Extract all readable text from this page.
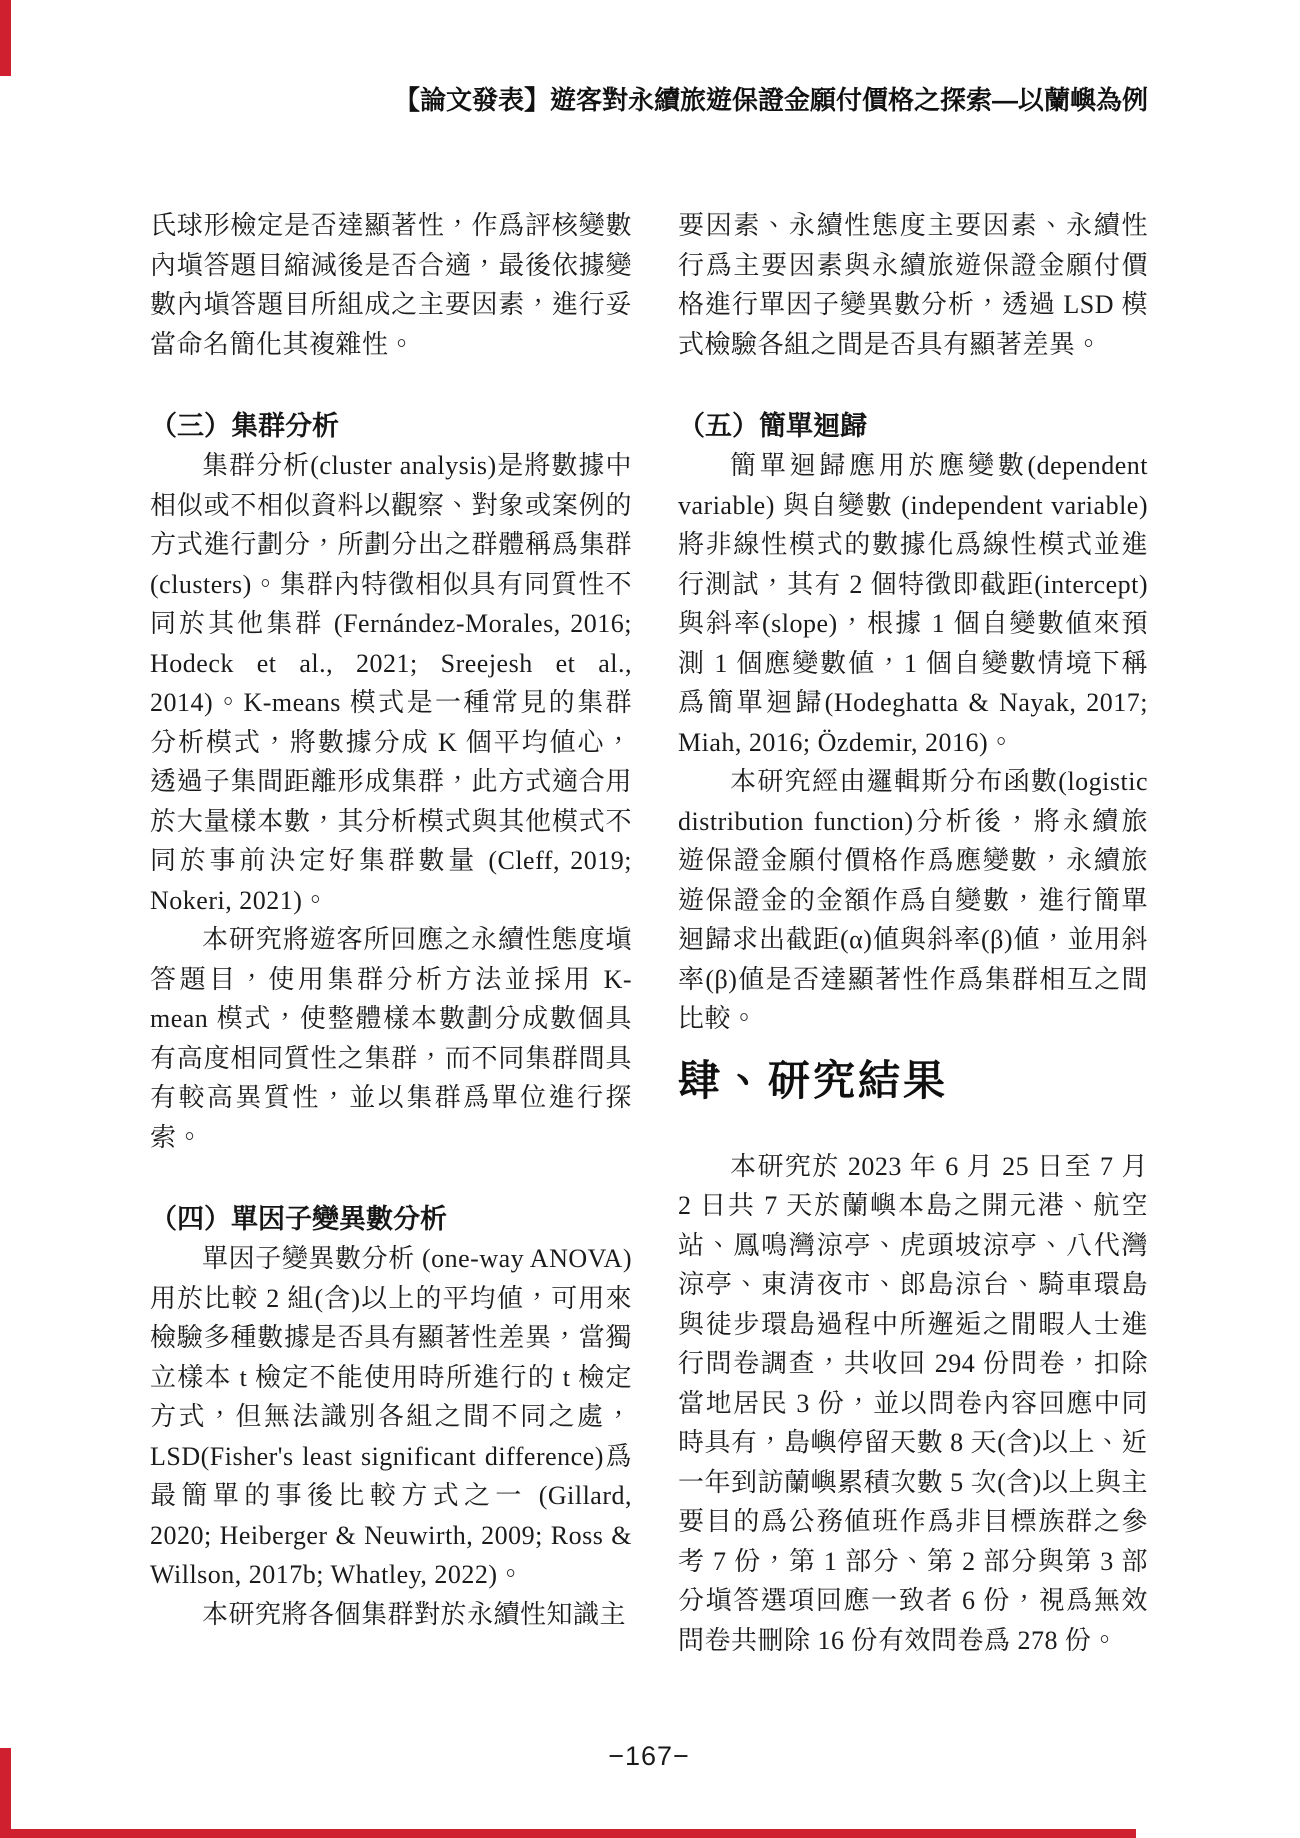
【論文發表】遊客對永續旅遊保證金願付價格之探索—以蘭嶼為例

氏球形檢定是否達顯著性，作爲評核變數內塡答題目縮減後是否合適，最後依據變數內塡答題目所組成之主要因素，進行妥當命名簡化其複雜性。

（三）集群分析

集群分析(cluster analysis)是將數據中相似或不相似資料以觀察、對象或案例的方式進行劃分，所劃分出之群體稱爲集群(clusters)。集群內特徵相似具有同質性不同於其他集群 (Fernández-Morales, 2016; Hodeck et al., 2021; Sreejesh et al., 2014)。K-means 模式是一種常見的集群分析模式，將數據分成 K 個平均値心，透過子集間距離形成集群，此方式適合用於大量樣本數，其分析模式與其他模式不同於事前決定好集群數量 (Cleff, 2019; Nokeri, 2021)。

本研究將遊客所回應之永續性態度塡答題目，使用集群分析方法並採用 K-mean 模式，使整體樣本數劃分成數個具有高度相同質性之集群，而不同集群間具有較高異質性，並以集群爲單位進行探索。

（四）單因子變異數分析

單因子變異數分析 (one-way ANOVA)用於比較 2 組(含)以上的平均値，可用來檢驗多種數據是否具有顯著性差異，當獨立樣本 t 檢定不能使用時所進行的 t 檢定方式，但無法識別各組之間不同之處，LSD(Fisher's least significant difference)爲最簡單的事後比較方式之一 (Gillard, 2020; Heiberger & Neuwirth, 2009; Ross & Willson, 2017b; Whatley, 2022)。

本研究將各個集群對於永續性知識主

要因素、永續性態度主要因素、永續性行爲主要因素與永續旅遊保證金願付價格進行單因子變異數分析，透過 LSD 模式檢驗各組之間是否具有顯著差異。

（五）簡單迴歸

簡單迴歸應用於應變數(dependent variable) 與自變數 (independent variable)將非線性模式的數據化爲線性模式並進行測試，其有 2 個特徵即截距(intercept)與斜率(slope)，根據 1 個自變數値來預測 1 個應變數値，1 個自變數情境下稱爲簡單迴歸(Hodeghatta & Nayak, 2017; Miah, 2016; Özdemir, 2016)。

本研究經由邏輯斯分布函數(logistic distribution function)分析後，將永續旅遊保證金願付價格作爲應變數，永續旅遊保證金的金額作爲自變數，進行簡單迴歸求出截距(α)値與斜率(β)値，並用斜率(β)値是否達顯著性作爲集群相互之間比較。

肆、研究結果

本研究於 2023 年 6 月 25 日至 7 月 2 日共 7 天於蘭嶼本島之開元港、航空站、鳳鳴灣涼亭、虎頭坡涼亭、八代灣涼亭、東清夜市、郎島涼台、騎車環島與徒步環島過程中所邂逅之閒暇人士進行問卷調查，共收回 294 份問卷，扣除當地居民 3 份，並以問卷內容回應中同時具有，島嶼停留天數 8 天(含)以上、近一年到訪蘭嶼累積次數 5 次(含)以上與主要目的爲公務値班作爲非目標族群之參考 7 份，第 1 部分、第 2 部分與第 3 部分塡答選項回應一致者 6 份，視爲無效問卷共刪除 16 份有效問卷爲 278 份。

−167−
